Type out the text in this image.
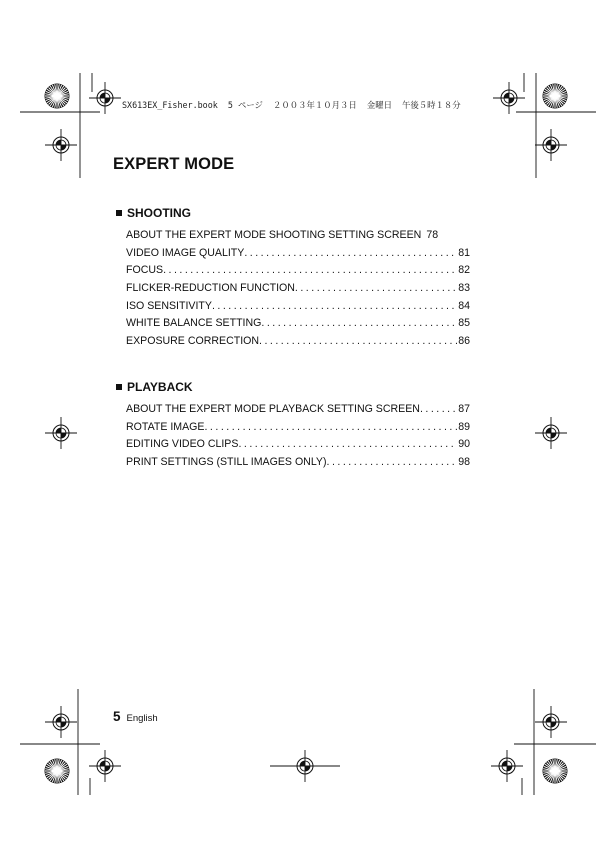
SX613EX_Fisher.book  5 ページ  ２００３年１０月３日  金曜日  午後５時１８分
EXPERT MODE
SHOOTING
ABOUT THE EXPERT MODE SHOOTING SETTING SCREEN 78
VIDEO IMAGE QUALITY .....	81
FOCUS .....	82
FLICKER-REDUCTION FUNCTION .....	83
ISO SENSITIVITY .....	84
WHITE BALANCE SETTING .....	85
EXPOSURE CORRECTION .....	86
PLAYBACK
ABOUT THE EXPERT MODE PLAYBACK SETTING SCREEN .....	87
ROTATE IMAGE .....	89
EDITING VIDEO CLIPS .....	90
PRINT SETTINGS (STILL IMAGES ONLY) .....	98
5 English
